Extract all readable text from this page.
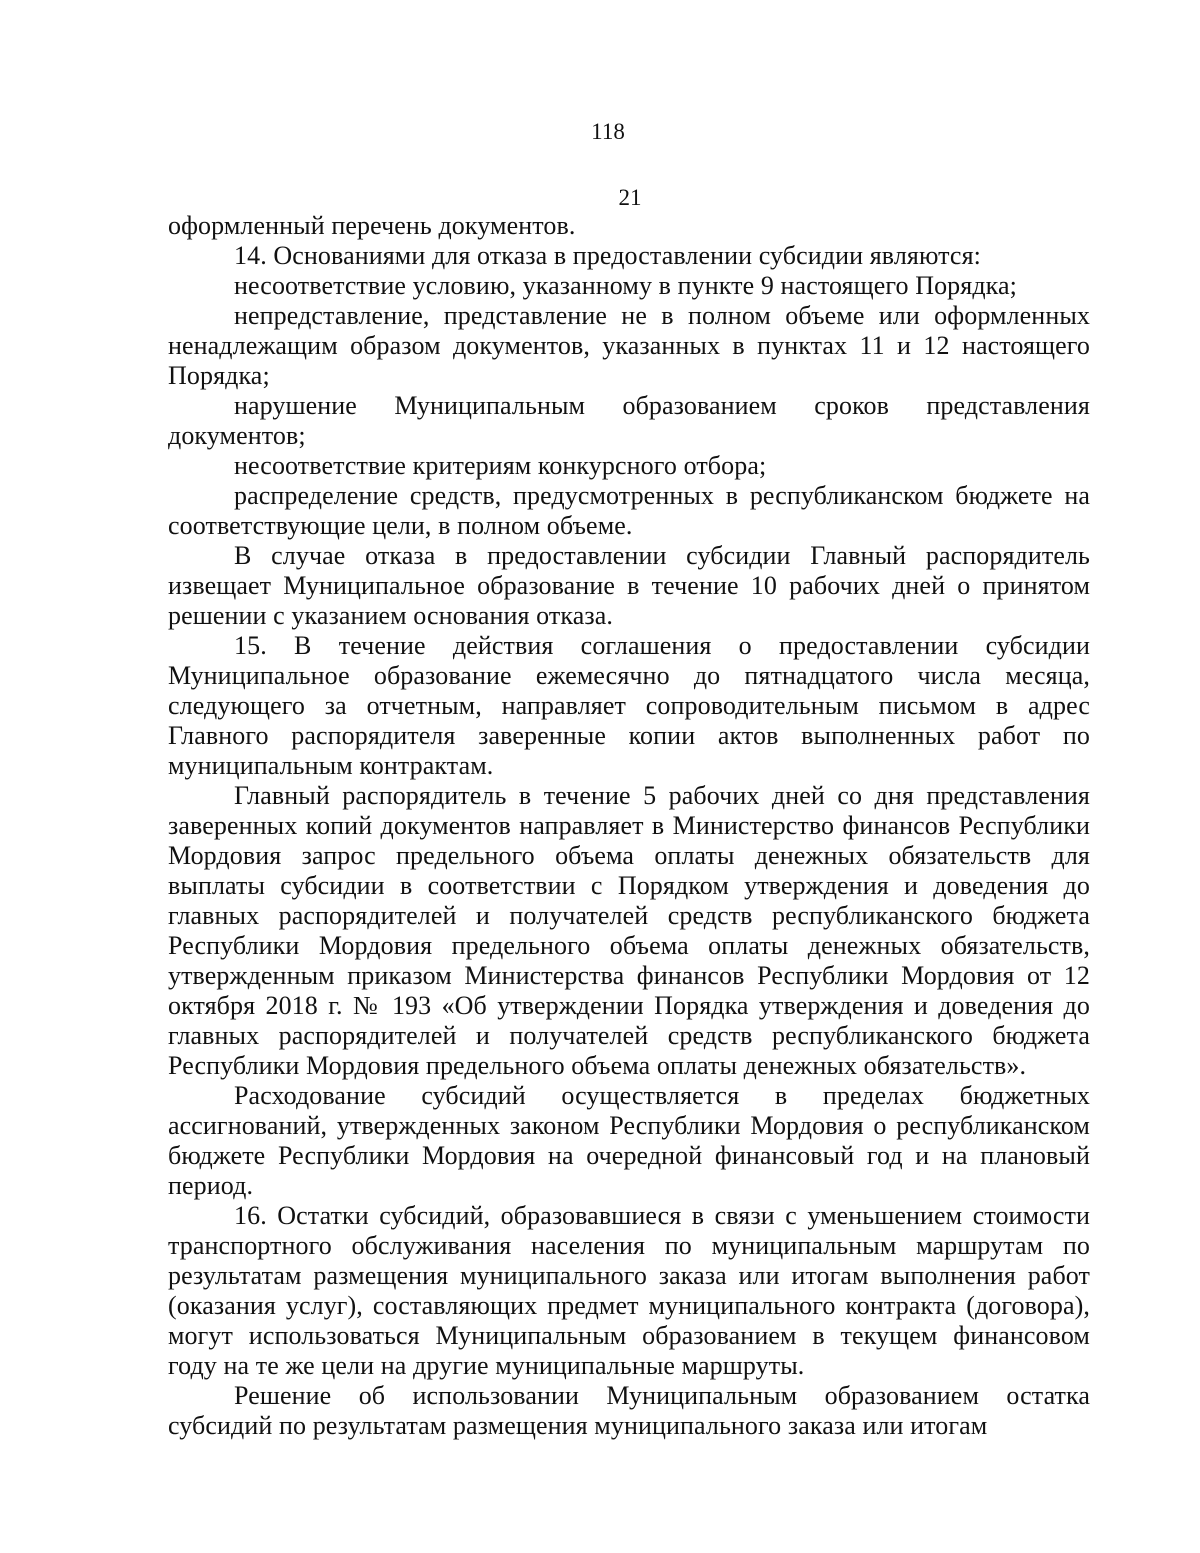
118
21

оформленный перечень документов.

14. Основаниями для отказа в предоставлении субсидии являются:

несоответствие условию, указанному в пункте 9 настоящего Порядка;

непредставление, представление не в полном объеме или оформленных ненадлежащим образом документов, указанных в пунктах 11 и 12 настоящего Порядка;

нарушение Муниципальным образованием сроков представления документов;

несоответствие критериям конкурсного отбора;

распределение средств, предусмотренных в республиканском бюджете на соответствующие цели, в полном объеме.

В случае отказа в предоставлении субсидии Главный распорядитель извещает Муниципальное образование в течение 10 рабочих дней о принятом решении с указанием основания отказа.

15. В течение действия соглашения о предоставлении субсидии Муниципальное образование ежемесячно до пятнадцатого числа месяца, следующего за отчетным, направляет сопроводительным письмом в адрес Главного распорядителя заверенные копии актов выполненных работ по муниципальным контрактам.

Главный распорядитель в течение 5 рабочих дней со дня представления заверенных копий документов направляет в Министерство финансов Республики Мордовия запрос предельного объема оплаты денежных обязательств для выплаты субсидии в соответствии с Порядком утверждения и доведения до главных распорядителей и получателей средств республиканского бюджета Республики Мордовия предельного объема оплаты денежных обязательств, утвержденным приказом Министерства финансов Республики Мордовия от 12 октября 2018 г. № 193 «Об утверждении Порядка утверждения и доведения до главных распорядителей и получателей средств республиканского бюджета Республики Мордовия предельного объема оплаты денежных обязательств».

Расходование субсидий осуществляется в пределах бюджетных ассигнований, утвержденных законом Республики Мордовия о республиканском бюджете Республики Мордовия на очередной финансовый год и на плановый период.

16. Остатки субсидий, образовавшиеся в связи с уменьшением стоимости транспортного обслуживания населения по муниципальным маршрутам по результатам размещения муниципального заказа или итогам выполнения работ (оказания услуг), составляющих предмет муниципального контракта (договора), могут использоваться Муниципальным образованием в текущем финансовом году на те же цели на другие муниципальные маршруты.

Решение об использовании Муниципальным образованием остатка субсидий по результатам размещения муниципального заказа или итогам
